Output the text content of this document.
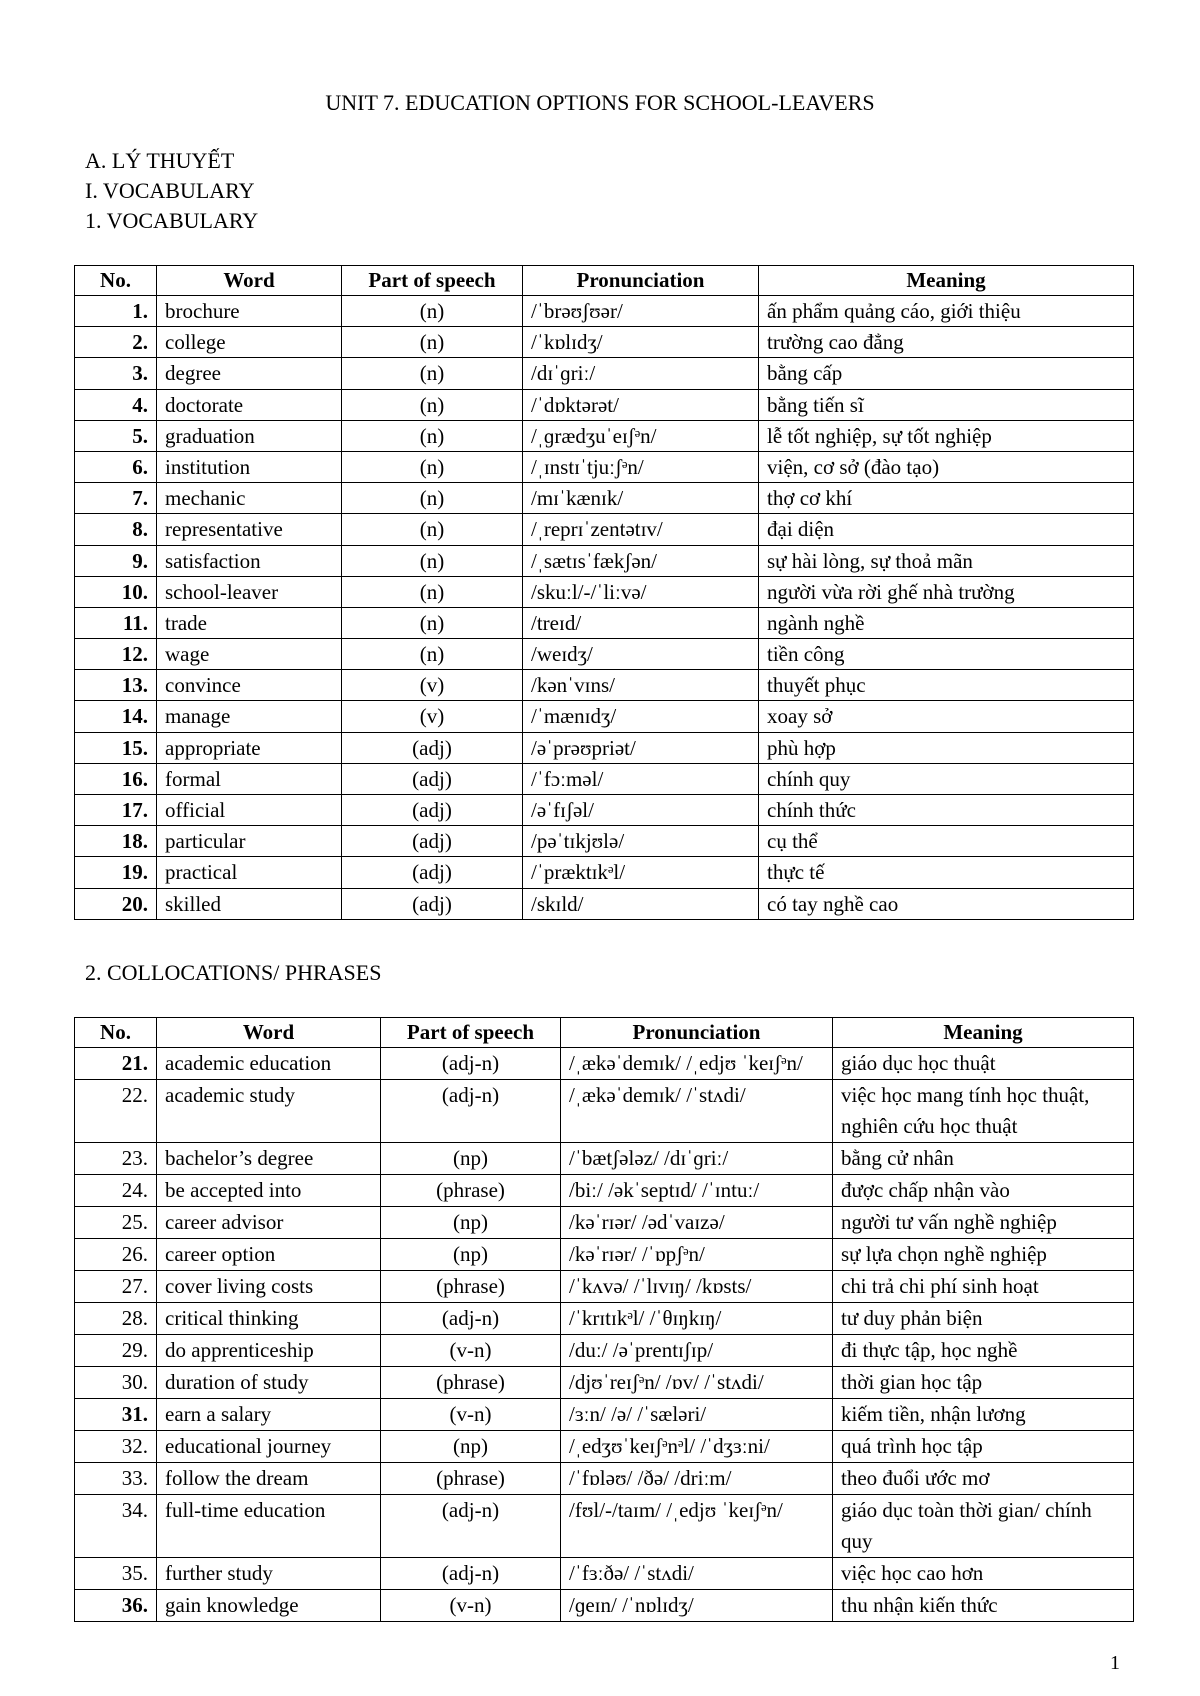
UNIT 7. EDUCATION OPTIONS FOR SCHOOL-LEAVERS
A. LÝ THUYẾT
I. VOCABULARY
1. VOCABULARY
No.	Word	Part of speech	Pronunciation	Meaning
1.	brochure	(n)	/ˈbrəʊʃʊər/	ấn phẩm quảng cáo, giới thiệu
2.	college	(n)	/ˈkɒlɪdʒ/	trường cao đẳng
3.	degree	(n)	/dɪˈɡriː/	bằng cấp
4.	doctorate	(n)	/ˈdɒktərət/	bằng tiến sĩ
5.	graduation	(n)	/ˌɡrædʒuˈeɪʃᵊn/	lễ tốt nghiệp, sự tốt nghiệp
6.	institution	(n)	/ˌɪnstɪˈtjuːʃᵊn/	viện, cơ sở (đào tạo)
7.	mechanic	(n)	/mɪˈkænɪk/	thợ cơ khí
8.	representative	(n)	/ˌreprɪˈzentətɪv/	đại diện
9.	satisfaction	(n)	/ˌsætɪsˈfækʃən/	sự hài lòng, sự thoả mãn
10.	school-leaver	(n)	/skuːl/-/ˈliːvə/	người vừa rời ghế nhà trường
11.	trade	(n)	/treɪd/	ngành nghề
12.	wage	(n)	/weɪdʒ/	tiền công
13.	convince	(v)	/kənˈvɪns/	thuyết phục
14.	manage	(v)	/ˈmænɪdʒ/	xoay sở
15.	appropriate	(adj)	/əˈprəʊpriət/	phù hợp
16.	formal	(adj)	/ˈfɔːməl/	chính quy
17.	official	(adj)	/əˈfɪʃəl/	chính thức
18.	particular	(adj)	/pəˈtɪkjʊlə/	cụ thể
19.	practical	(adj)	/ˈpræktɪkᵊl/	thực tế
20.	skilled	(adj)	/skɪld/	có tay nghề cao
2. COLLOCATIONS/ PHRASES
No.	Word	Part of speech	Pronunciation	Meaning
21.	academic education	(adj-n)	/ˌækəˈdemɪk/ /ˌedjʊ ˈkeɪʃᵊn/	giáo dục học thuật
22.	academic study	(adj-n)	/ˌækəˈdemɪk/ /ˈstʌdi/	việc học mang tính học thuật, nghiên cứu học thuật
23.	bachelor’s degree	(np)	/ˈbætʃələz/ /dɪˈɡriː/	bằng cử nhân
24.	be accepted into	(phrase)	/biː/ /əkˈseptɪd/ /ˈɪntuː/	được chấp nhận vào
25.	career advisor	(np)	/kəˈrɪər/ /ədˈvaɪzə/	người tư vấn nghề nghiệp
26.	career option	(np)	/kəˈrɪər/ /ˈɒpʃᵊn/	sự lựa chọn nghề nghiệp
27.	cover living costs	(phrase)	/ˈkʌvə/ /ˈlɪvɪŋ/ /kɒsts/	chi trả chi phí sinh hoạt
28.	critical thinking	(adj-n)	/ˈkrɪtɪkᵊl/ /ˈθɪŋkɪŋ/	tư duy phản biện
29.	do apprenticeship	(v-n)	/duː/ /əˈprentɪʃɪp/	đi thực tập, học nghề
30.	duration of study	(phrase)	/djʊˈreɪʃᵊn/ /ɒv/ /ˈstʌdi/	thời gian học tập
31.	earn a salary	(v-n)	/ɜːn/ /ə/ /ˈsæləri/	kiếm tiền, nhận lương
32.	educational journey	(np)	/ˌedʒʊˈkeɪʃᵊnᵊl/ /ˈdʒɜːni/	quá trình học tập
33.	follow the dream	(phrase)	/ˈfɒləʊ/ /ðə/ /driːm/	theo đuổi ước mơ
34.	full-time education	(adj-n)	/fʊl/-/taɪm/ /ˌedjʊ ˈkeɪʃᵊn/	giáo dục toàn thời gian/ chính quy
35.	further study	(adj-n)	/ˈfɜːðə/ /ˈstʌdi/	việc học cao hơn
36.	gain knowledge	(v-n)	/ɡeɪn/ /ˈnɒlɪdʒ/	thu nhận kiến thức
1
